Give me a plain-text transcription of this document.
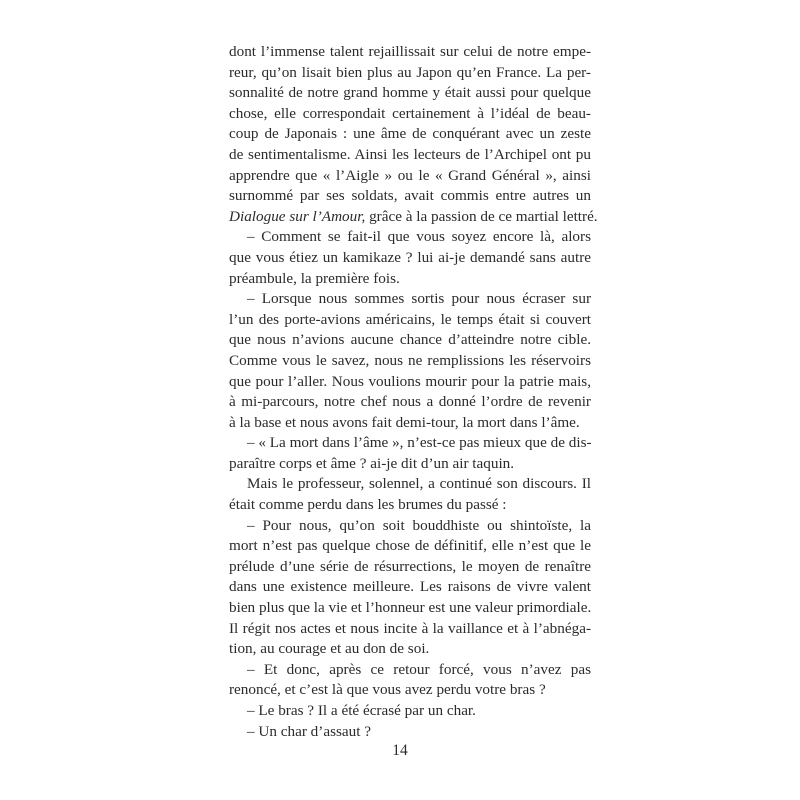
dont l’immense talent rejaillissait sur celui de notre empe-
reur, qu’on lisait bien plus au Japon qu’en France. La per-
sonnalité de notre grand homme y était aussi pour quelque
chose, elle correspondait certainement à l’idéal de beau-
coup de Japonais : une âme de conquérant avec un zeste
de sentimentalisme. Ainsi les lecteurs de l’Archipel ont pu
apprendre que « l’Aigle » ou le « Grand Général », ainsi
surnommé par ses soldats, avait commis entre autres un
Dialogue sur l’Amour, grâce à la passion de ce martial lettré.
– Comment se fait-il que vous soyez encore là, alors
que vous étiez un kamikaze ? lui ai-je demandé sans autre
préambule, la première fois.
– Lorsque nous sommes sortis pour nous écraser sur
l’un des porte-avions américains, le temps était si couvert
que nous n’avions aucune chance d’atteindre notre cible.
Comme vous le savez, nous ne remplissions les réservoirs
que pour l’aller. Nous voulions mourir pour la patrie mais,
à mi-parcours, notre chef nous a donné l’ordre de revenir
à la base et nous avons fait demi-tour, la mort dans l’âme.
– « La mort dans l’âme », n’est-ce pas mieux que de dis-
paraître corps et âme ? ai-je dit d’un air taquin.
Mais le professeur, solennel, a continué son discours. Il
était comme perdu dans les brumes du passé :
– Pour nous, qu’on soit bouddhiste ou shintoïste, la
mort n’est pas quelque chose de définitif, elle n’est que le
prélude d’une série de résurrections, le moyen de renaître
dans une existence meilleure. Les raisons de vivre valent
bien plus que la vie et l’honneur est une valeur primordiale.
Il régit nos actes et nous incite à la vaillance et à l’abnéga-
tion, au courage et au don de soi.
– Et donc, après ce retour forcé, vous n’avez pas
renoncé, et c’est là que vous avez perdu votre bras ?
– Le bras ? Il a été écrasé par un char.
– Un char d’assaut ?
14
